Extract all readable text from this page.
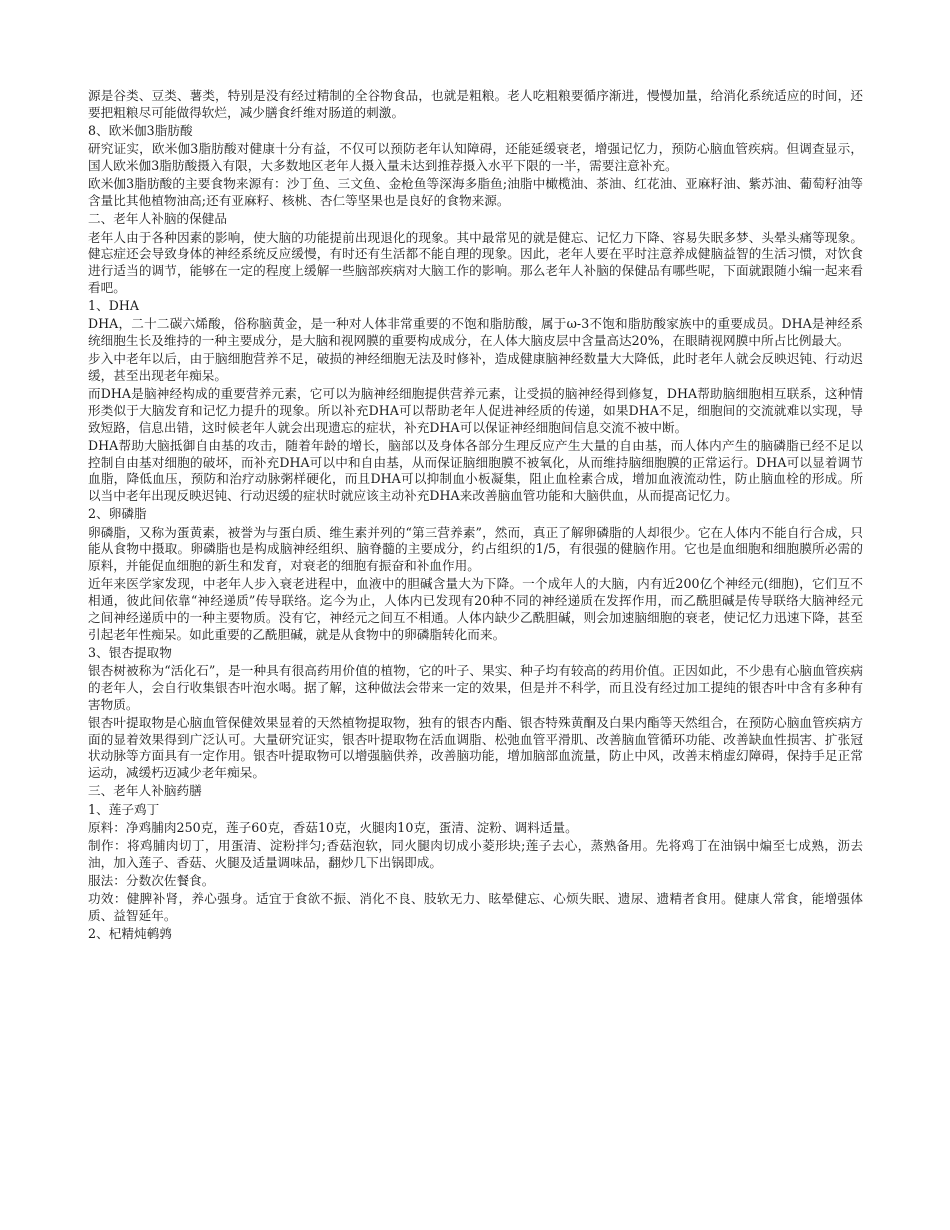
源是谷类、豆类、薯类，特别是没有经过精制的全谷物食品，也就是粗粮。老人吃粗粮要循序渐进，慢慢加量，给消化系统适应的时间，还要把粗粮尽可能做得软烂，减少膳食纤维对肠道的刺激。

8、欧米伽3脂肪酸

研究证实，欧米伽3脂肪酸对健康十分有益，不仅可以预防老年认知障碍，还能延缓衰老，增强记忆力，预防心脑血管疾病。但调查显示，国人欧米伽3脂肪酸摄入有限，大多数地区老年人摄入量未达到推荐摄入水平下限的一半，需要注意补充。

欧米伽3脂肪酸的主要食物来源有：沙丁鱼、三文鱼、金枪鱼等深海多脂鱼;油脂中橄榄油、茶油、红花油、亚麻籽油、紫苏油、葡萄籽油等含量比其他植物油高;还有亚麻籽、核桃、杏仁等坚果也是良好的食物来源。

二、老年人补脑的保健品

老年人由于各种因素的影响，使大脑的功能提前出现退化的现象。其中最常见的就是健忘、记忆力下降、容易失眠多梦、头晕头痛等现象。健忘症还会导致身体的神经系统反应缓慢，有时还有生活都不能自理的现象。因此，老年人要在平时注意养成健脑益智的生活习惯，对饮食进行适当的调节，能够在一定的程度上缓解一些脑部疾病对大脑工作的影响。那么老年人补脑的保健品有哪些呢，下面就跟随小编一起来看看吧。

1、DHA

DHA，二十二碳六烯酸，俗称脑黄金，是一种对人体非常重要的不饱和脂肪酸，属于ω-3不饱和脂肪酸家族中的重要成员。DHA是神经系统细胞生长及维持的一种主要成分，是大脑和视网膜的重要构成成分，在人体大脑皮层中含量高达20%，在眼睛视网膜中所占比例最大。

步入中老年以后，由于脑细胞营养不足，破损的神经细胞无法及时修补，造成健康脑神经数量大大降低，此时老年人就会反映迟钝、行动迟缓，甚至出现老年痴呆。

而DHA是脑神经构成的重要营养元素，它可以为脑神经细胞提供营养元素，让受损的脑神经得到修复，DHA帮助脑细胞相互联系，这种情形类似于大脑发育和记忆力提升的现象。所以补充DHA可以帮助老年人促进神经质的传递，如果DHA不足，细胞间的交流就难以实现，导致短路，信息出错，这时候老年人就会出现遗忘的症状，补充DHA可以保证神经细胞间信息交流不被中断。

DHA帮助大脑抵御自由基的攻击，随着年龄的增长，脑部以及身体各部分生理反应产生大量的自由基，而人体内产生的脑磷脂已经不足以控制自由基对细胞的破坏，而补充DHA可以中和自由基，从而保证脑细胞膜不被氧化，从而维持脑细胞膜的正常运行。DHA可以显着调节血脂，降低血压，预防和治疗动脉粥样硬化，而且DHA可以抑制血小板凝集，阻止血栓素合成，增加血液流动性，防止脑血栓的形成。所以当中老年出现反映迟钝、行动迟缓的症状时就应该主动补充DHA来改善脑血管功能和大脑供血，从而提高记忆力。

2、卵磷脂

卵磷脂，又称为蛋黄素，被誉为与蛋白质、维生素并列的“第三营养素”，然而，真正了解卵磷脂的人却很少。它在人体内不能自行合成，只能从食物中摄取。卵磷脂也是构成脑神经组织、脑脊髓的主要成分，约占组织的1/5，有很强的健脑作用。它也是血细胞和细胞膜所必需的原料，并能促血细胞的新生和发育，对衰老的细胞有振奋和补血作用。

近年来医学家发现，中老年人步入衰老进程中，血液中的胆碱含量大为下降。一个成年人的大脑，内有近200亿个神经元(细胞)，它们互不相通，彼此间依靠“神经递质”传导联络。迄今为止，人体内已发现有20种不同的神经递质在发挥作用，而乙酰胆碱是传导联络大脑神经元之间神经递质中的一种主要物质。没有它，神经元之间互不相通。人体内缺少乙酰胆碱，则会加速脑细胞的衰老，使记忆力迅速下降，甚至引起老年性痴呆。如此重要的乙酰胆碱，就是从食物中的卵磷脂转化而来。

3、银杏提取物

银杏树被称为“活化石”，是一种具有很高药用价值的植物，它的叶子、果实、种子均有较高的药用价值。正因如此，不少患有心脑血管疾病的老年人，会自行收集银杏叶泡水喝。据了解，这种做法会带来一定的效果，但是并不科学，而且没有经过加工提纯的银杏叶中含有多种有害物质。

银杏叶提取物是心脑血管保健效果显着的天然植物提取物，独有的银杏内酯、银杏特殊黄酮及白果内酯等天然组合，在预防心脑血管疾病方面的显着效果得到广泛认可。大量研究证实，银杏叶提取物在活血调脂、松弛血管平滑肌、改善脑血管循环功能、改善缺血性损害、扩张冠状动脉等方面具有一定作用。银杏叶提取物可以增强脑供养，改善脑功能，增加脑部血流量，防止中风，改善末梢虚幻障碍，保持手足正常运动，减缓朽迈减少老年痴呆。

三、老年人补脑药膳

1、莲子鸡丁

原料：净鸡脯肉250克，莲子60克，香菇10克，火腿肉10克，蛋清、淀粉、调料适量。

制作：将鸡脯肉切丁，用蛋清、淀粉拌匀;香菇泡软，同火腿肉切成小菱形块;莲子去心，蒸熟备用。先将鸡丁在油锅中煸至七成熟，沥去油，加入莲子、香菇、火腿及适量调味品，翻炒几下出锅即成。

服法：分数次佐餐食。

功效：健脾补肾，养心强身。适宜于食欲不振、消化不良、肢软无力、眩晕健忘、心烦失眠、遗尿、遗精者食用。健康人常食，能增强体质、益智延年。

2、杞精炖鹌鹑
